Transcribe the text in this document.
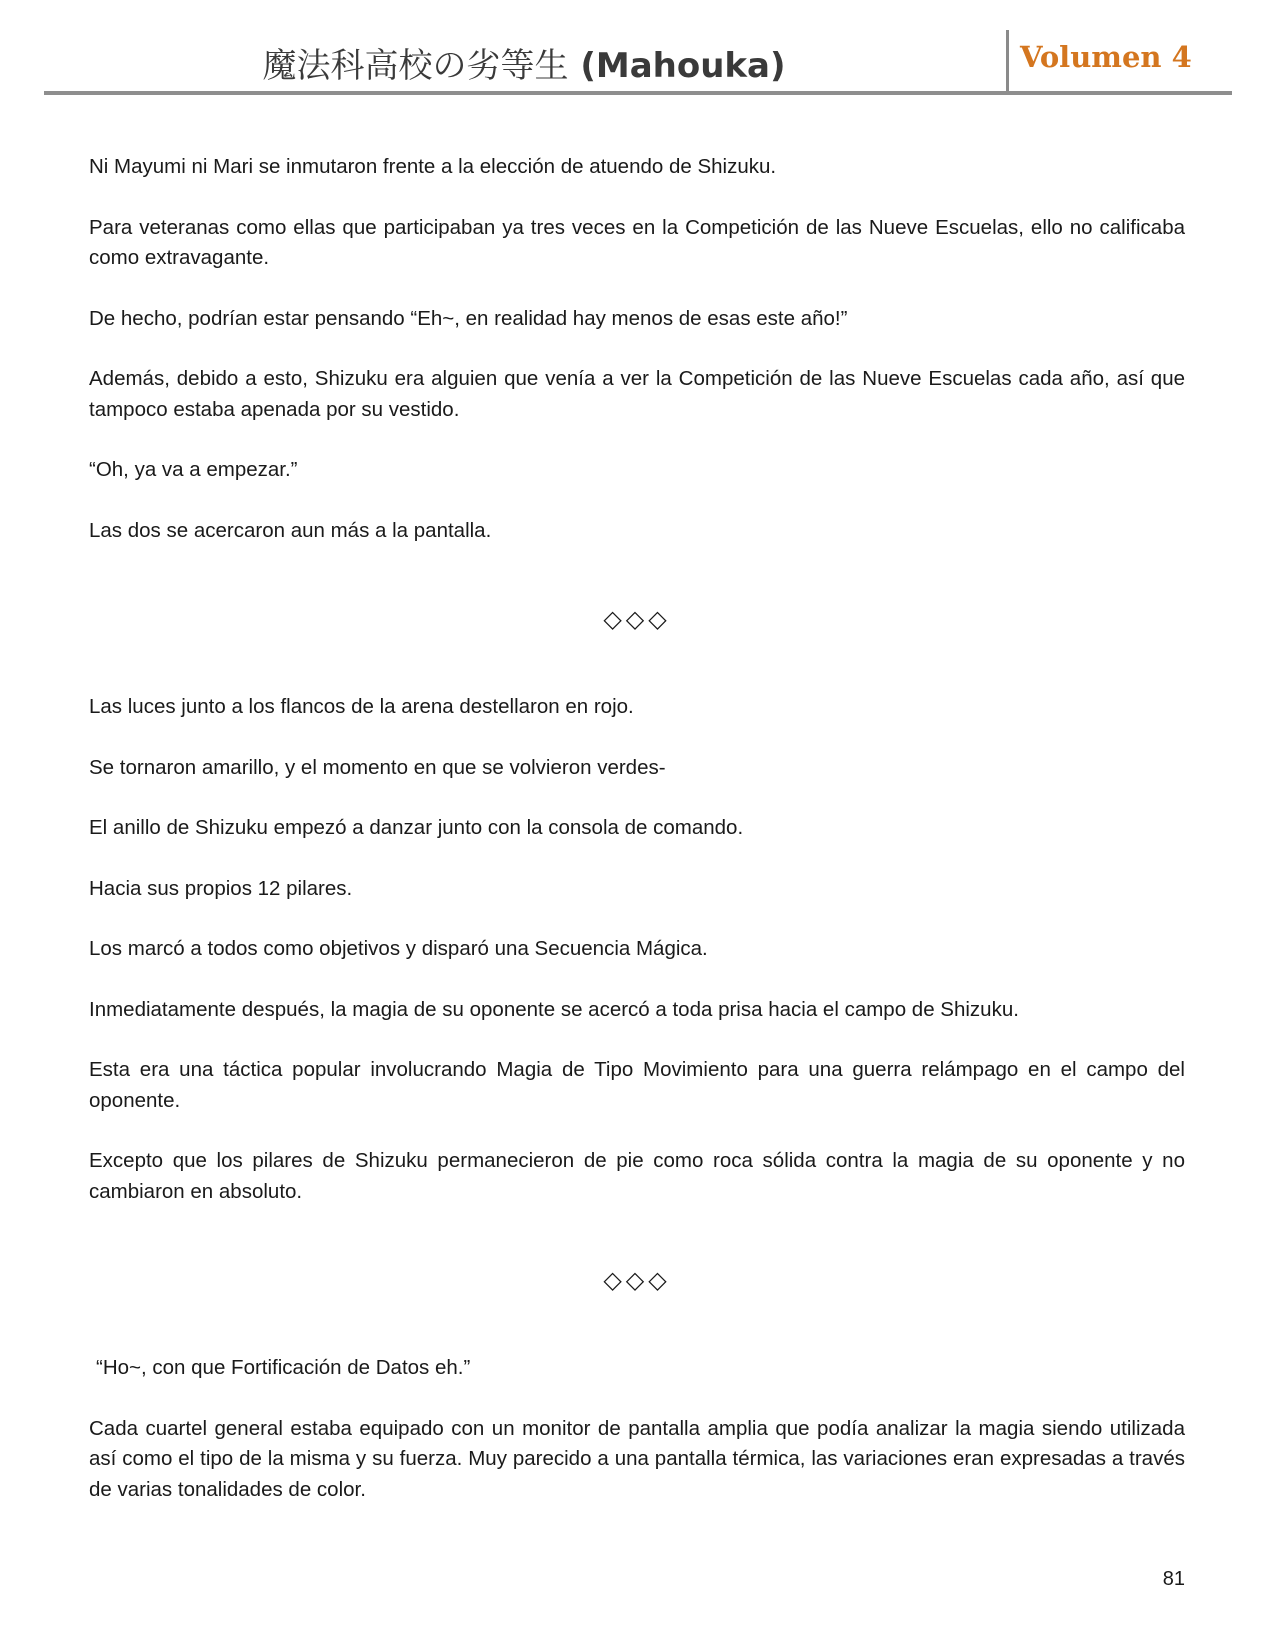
魔法科高校の劣等生 (Mahouka)	Volumen 4

Ni Mayumi ni Mari se inmutaron frente a la elección de atuendo de Shizuku.

Para veteranas como ellas que participaban ya tres veces en la Competición de las Nueve Escuelas, ello no calificaba como extravagante.

De hecho, podrían estar pensando “Eh~, en realidad hay menos de esas este año!”

Además, debido a esto, Shizuku era alguien que venía a ver la Competición de las Nueve Escuelas cada año, así que tampoco estaba apenada por su vestido.

“Oh, ya va a empezar.”

Las dos se acercaron aun más a la pantalla.

◇◇◇

Las luces junto a los flancos de la arena destellaron en rojo.

Se tornaron amarillo, y el momento en que se volvieron verdes-

El anillo de Shizuku empezó a danzar junto con la consola de comando.

Hacia sus propios 12 pilares.

Los marcó a todos como objetivos y disparó una Secuencia Mágica.

Inmediatamente después, la magia de su oponente se acercó a toda prisa hacia el campo de Shizuku.

Esta era una táctica popular involucrando Magia de Tipo Movimiento para una guerra relámpago en el campo del oponente.

Excepto que los pilares de Shizuku permanecieron de pie como roca sólida contra la magia de su oponente y no cambiaron en absoluto.

◇◇◇

“Ho~, con que Fortificación de Datos eh.”

Cada cuartel general estaba equipado con un monitor de pantalla amplia que podía analizar la magia siendo utilizada así como el tipo de la misma y su fuerza. Muy parecido a una pantalla térmica, las variaciones eran expresadas a través de varias tonalidades de color.

81
